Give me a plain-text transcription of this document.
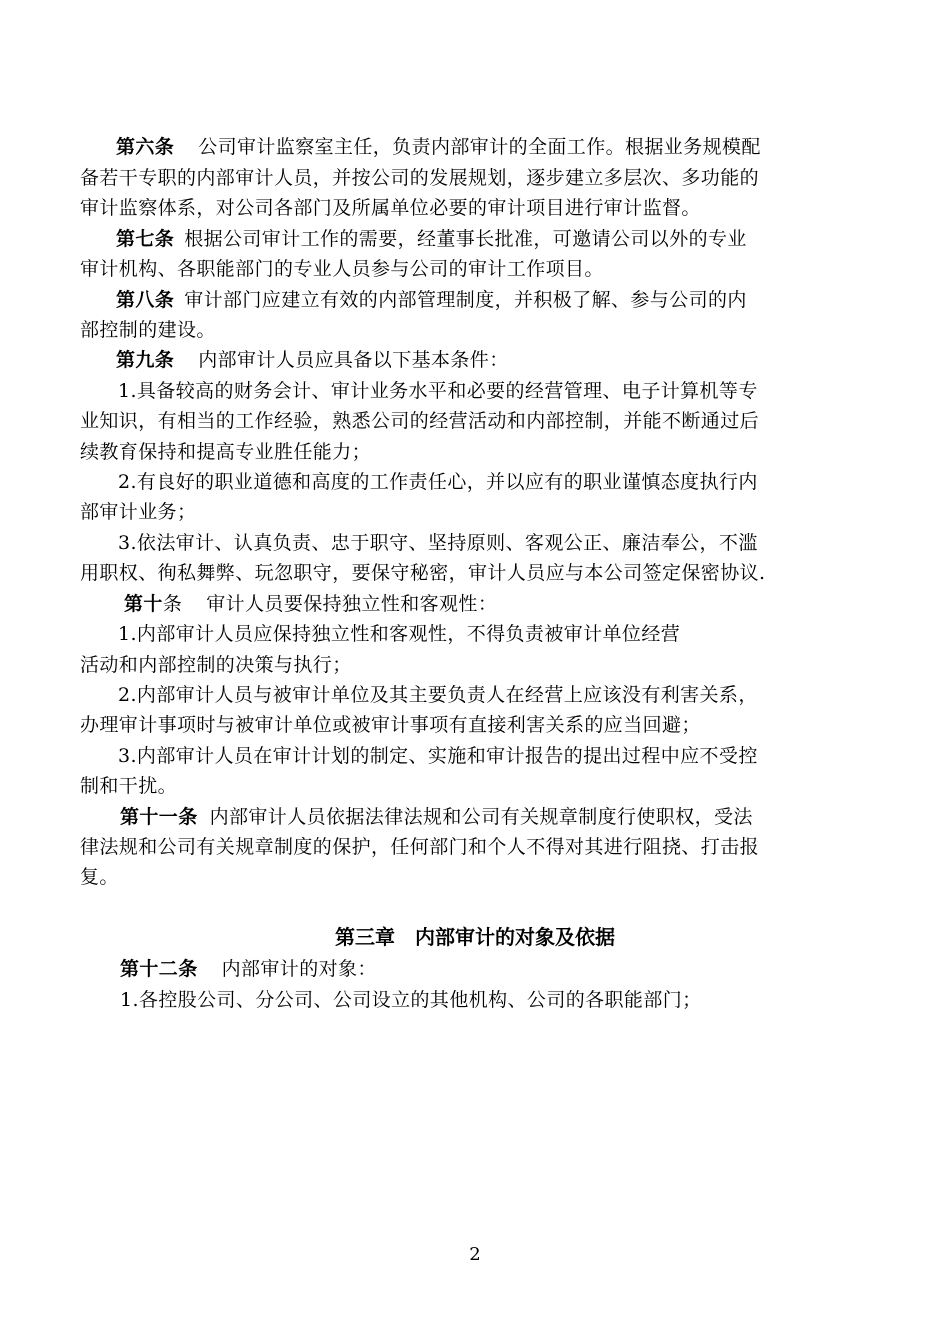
第六条 公司审计监察室主任，负责内部审计的全面工作。根据业务规模配
备若干专职的内部审计人员，并按公司的发展规划，逐步建立多层次、多功能的
审计监察体系，对公司各部门及所属单位必要的审计项目进行审计监督。
第七条 根据公司审计工作的需要，经董事长批准，可邀请公司以外的专业
审计机构、各职能部门的专业人员参与公司的审计工作项目。
第八条 审计部门应建立有效的内部管理制度，并积极了解、参与公司的内
部控制的建设。
第九条 内部审计人员应具备以下基本条件：
1.具备较高的财务会计、审计业务水平和必要的经营管理、电子计算机等专
业知识，有相当的工作经验，熟悉公司的经营活动和内部控制，并能不断通过后
续教育保持和提高专业胜任能力；
2.有良好的职业道德和高度的工作责任心，并以应有的职业谨慎态度执行内
部审计业务；
3.依法审计、认真负责、忠于职守、坚持原则、客观公正、廉洁奉公，不滥
用职权、徇私舞弊、玩忽职守，要保守秘密，审计人员应与本公司签定保密协议.
第十条 审计人员要保持独立性和客观性：
1.内部审计人员应保持独立性和客观性，不得负责被审计单位经营
活动和内部控制的决策与执行；
2.内部审计人员与被审计单位及其主要负责人在经营上应该没有利害关系，
办理审计事项时与被审计单位或被审计事项有直接利害关系的应当回避；
3.内部审计人员在审计计划的制定、实施和审计报告的提出过程中应不受控
制和干扰。
第十一条 内部审计人员依据法律法规和公司有关规章制度行使职权，受法
律法规和公司有关规章制度的保护，任何部门和个人不得对其进行阻挠、打击报
复。
第三章　内部审计的对象及依据
第十二条 内部审计的对象：
1.各控股公司、分公司、公司设立的其他机构、公司的各职能部门；
2
